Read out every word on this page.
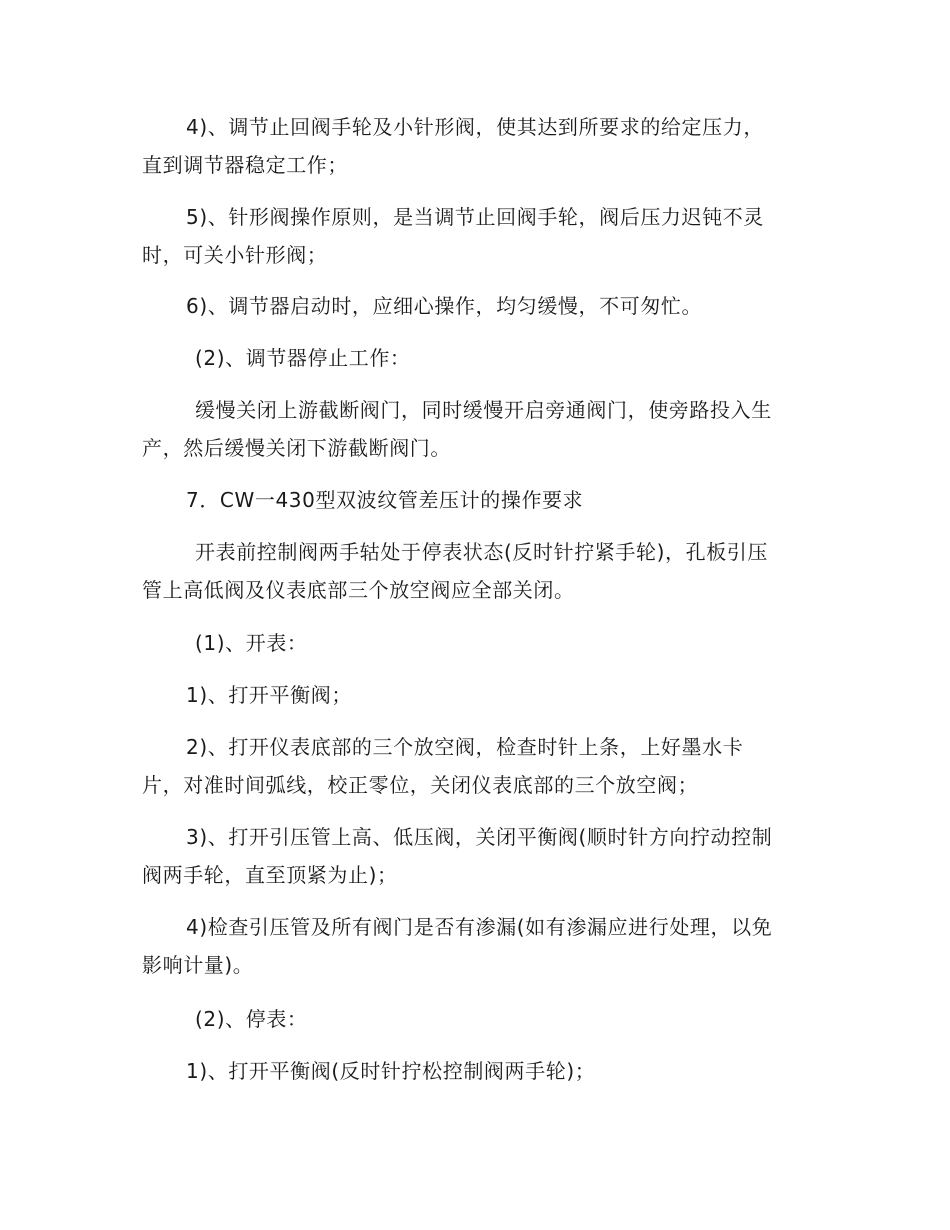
4)、调节止回阀手轮及小针形阀，使其达到所要求的给定压力，
直到调节器稳定工作；
5)、针形阀操作原则，是当调节止回阀手轮，阀后压力迟钝不灵
时，可关小针形阀；
6)、调节器启动时，应细心操作，均匀缓慢，不可匆忙。
(2)、调节器停止工作：
缓慢关闭上游截断阀门，同时缓慢开启旁通阀门，使旁路投入生
产，然后缓慢关闭下游截断阀门。
7．CW一430型双波纹管差压计的操作要求
开表前控制阀两手轱处于停表状态(反时针拧紧手轮)，孔板引压
管上高低阀及仪表底部三个放空阀应全部关闭。
(1)、开表：
1)、打开平衡阀；
2)、打开仪表底部的三个放空阀，检查时针上条，上好墨水卡
片，对准时间弧线，校正零位，关闭仪表底部的三个放空阀；
3)、打开引压管上高、低压阀，关闭平衡阀(顺时针方向拧动控制
阀两手轮，直至顶紧为止)；
4)检查引压管及所有阀门是否有渗漏(如有渗漏应进行处理，以免
影响计量)。
(2)、停表：
1)、打开平衡阀(反时针拧松控制阀两手轮)；
